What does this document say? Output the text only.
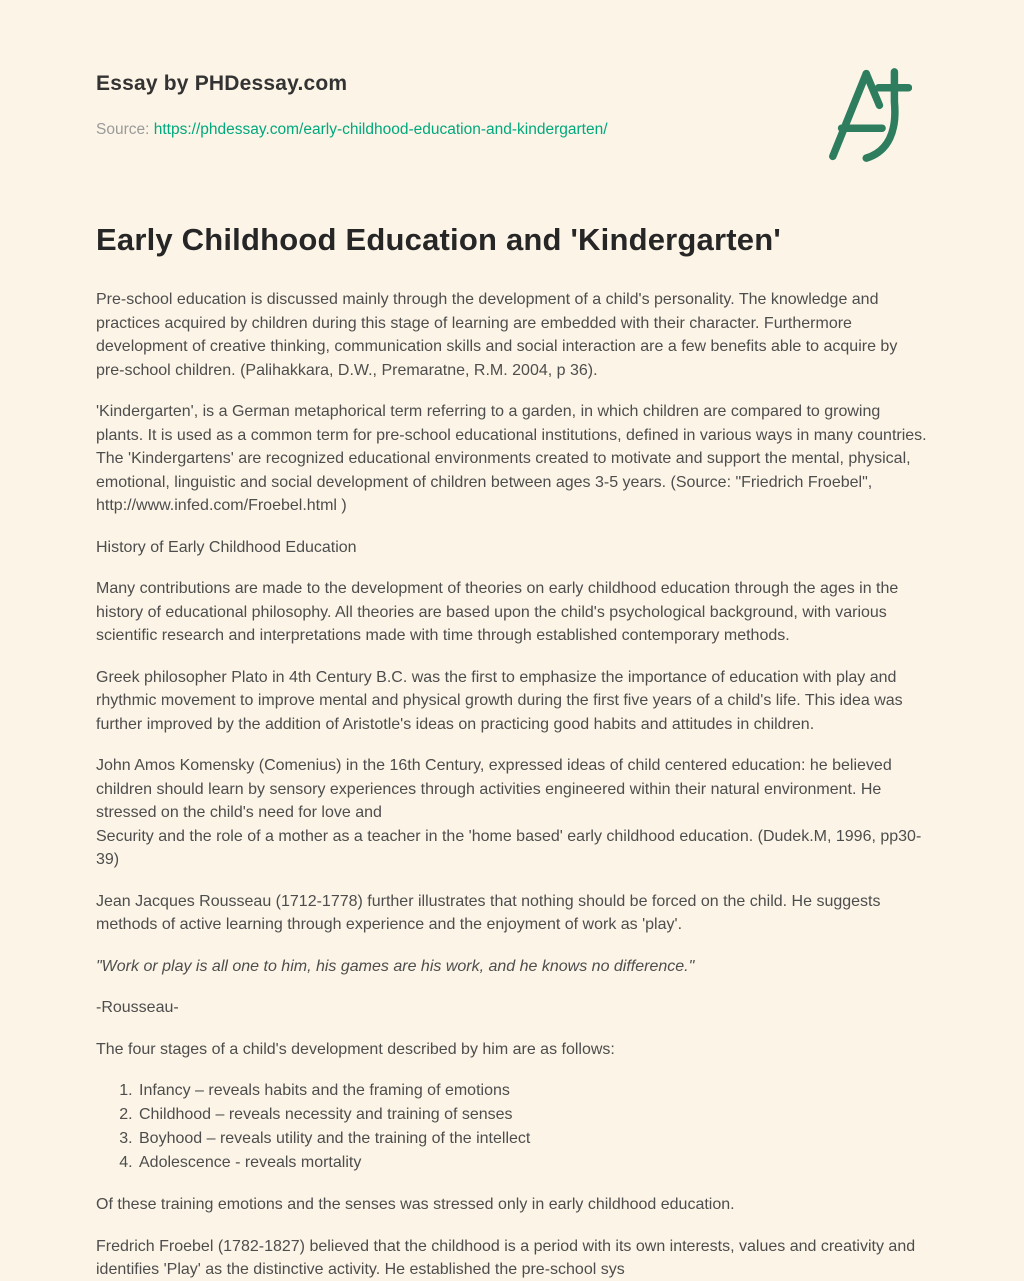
Essay by PHDessay.com
Source: https://phdessay.com/early-childhood-education-and-kindergarten/
Early Childhood Education and 'Kindergarten'

Pre-school education is discussed mainly through the development of a child's personality. The knowledge and practices acquired by children during this stage of learning are embedded with their character. Furthermore development of creative thinking, communication skills and social interaction are a few benefits able to acquire by pre-school children. (Palihakkara, D.W., Premaratne, R.M. 2004, p 36).

'Kindergarten', is a German metaphorical term referring to a garden, in which children are compared to growing plants. It is used as a common term for pre-school educational institutions, defined in various ways in many countries. The 'Kindergartens' are recognized educational environments created to motivate and support the mental, physical, emotional, linguistic and social development of children between ages 3-5 years. (Source: "Friedrich Froebel", http://www.infed.com/Froebel.html )

History of Early Childhood Education

Many contributions are made to the development of theories on early childhood education through the ages in the history of educational philosophy. All theories are based upon the child's psychological background, with various scientific research and interpretations made with time through established contemporary methods.

Greek philosopher Plato in 4th Century B.C. was the first to emphasize the importance of education with play and rhythmic movement to improve mental and physical growth during the first five years of a child's life. This idea was further improved by the addition of Aristotle's ideas on practicing good habits and attitudes in children.

John Amos Komensky (Comenius) in the 16th Century, expressed ideas of child centered education: he believed children should learn by sensory experiences through activities engineered within their natural environment. He stressed on the child's need for love and
Security and the role of a mother as a teacher in the 'home based' early childhood education. (Dudek.M, 1996, pp30-39)

Jean Jacques Rousseau (1712-1778) further illustrates that nothing should be forced on the child. He suggests methods of active learning through experience and the enjoyment of work as 'play'.

"Work or play is all one to him, his games are his work, and he knows no difference."

-Rousseau-

The four stages of a child's development described by him are as follows:

1. Infancy – reveals habits and the framing of emotions
2. Childhood – reveals necessity and training of senses
3. Boyhood – reveals utility and the training of the intellect
4. Adolescence - reveals mortality

Of these training emotions and the senses was stressed only in early childhood education.

Fredrich Froebel (1782-1827) believed that the childhood is a period with its own interests, values and creativity and identifies 'Play' as the distinctive activity. He established the pre-school sys
